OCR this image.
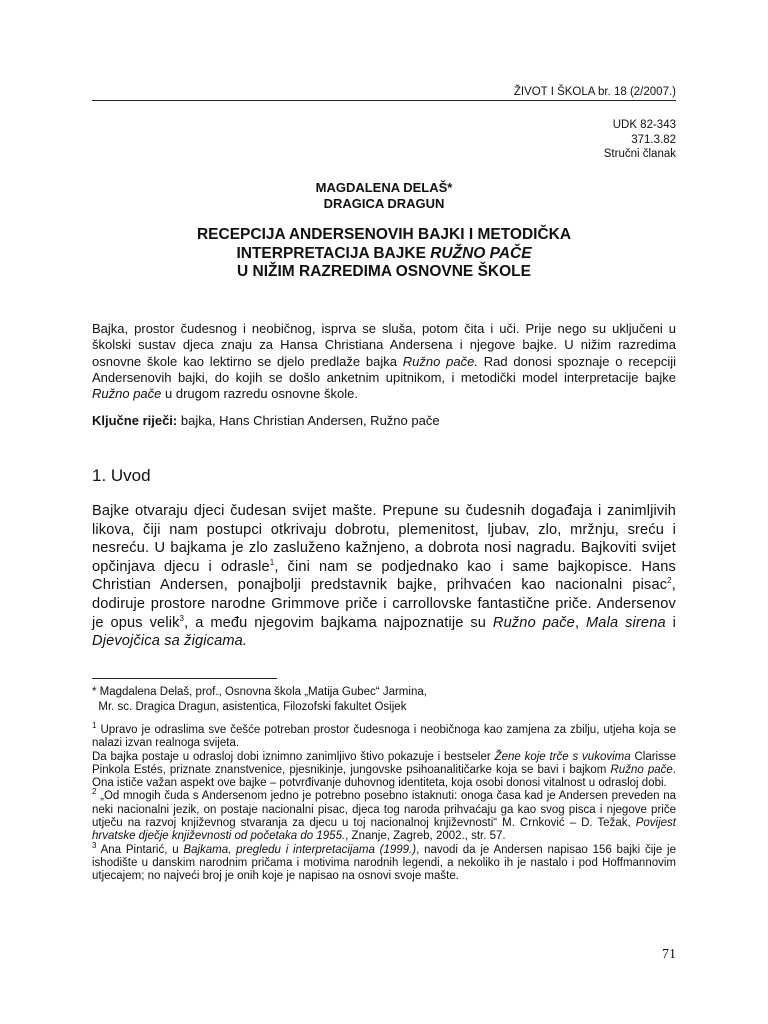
ŽIVOT I ŠKOLA br. 18 (2/2007.)
UDK 82-343
371.3.82
Stručni članak
MAGDALENA DELAŠ*
DRAGICA DRAGUN
RECEPCIJA ANDERSENOVIH BAJKI I METODIČKA
INTERPRETACIJA BAJKE RUŽNO PAČE
U NIŽIM RAZREDIMA OSNOVNE ŠKOLE
Bajka, prostor čudesnog i neobičnog, isprva se sluša, potom čita i uči. Prije nego su uključeni u školski sustav djeca znaju za Hansa Christiana Andersena i njegove bajke. U nižim razredima osnovne škole kao lektirno se djelo predlaže bajka Ružno pače. Rad donosi spoznaje o recepciji Andersenovih bajki, do kojih se došlo anketnim upitnikom, i metodički model interpretacije bajke Ružno pače u drugom razredu osnovne škole.
Ključne riječi: bajka, Hans Christian Andersen, Ružno pače
1. Uvod
Bajke otvaraju djeci čudesan svijet mašte. Prepune su čudesnih događaja i zanimljivih likova, čiji nam postupci otkrivaju dobrotu, plemenitost, ljubav, zlo, mržnju, sreću i nesreću. U bajkama je zlo zasluženo kažnjeno, a dobrota nosi nagradu. Bajkoviti svijet opčinjava djecu i odrasle$^1$, čini nam se podjednako kao i same bajkopisce. Hans Christian Andersen, ponajbolji predstavnik bajke, prihvaćen kao nacionalni pisac$^2$, dodiruje prostore narodne Grimmove priče i carrollovske fantastične priče. Andersenov je opus velik$^3$, a među njegovim bajkama najpoznatije su Ružno pače, Mala sirena i Djevojčica sa žigicama.
* Magdalena Delaš, prof., Osnovna škola „Matija Gubec“ Jarmina,
Mr. sc. Dragica Dragun, asistentica, Filozofski fakultet Osijek

$^1$ Upravo je odraslima sve češće potreban prostor čudesnoga i neobičnoga kao zamjena za zbilju, utjeha koja se nalazi izvan realnoga svijeta.

Da bajka postaje u odrasloj dobi iznimno zanimljivo štivo pokazuje i bestseler Žene koje trče s vukovima Clarisse Pinkola Estés, priznate znanstvenice, pjesnikinje, jungovske psihoanalitičarke koja se bavi i bajkom Ružno pače. Ona ističe važan aspekt ove bajke – potvrđivanje duhovnog identiteta, koja osobi donosi vitalnost u odrasloj dobi.

$^2$ „Od mnogih čuda s Andersenom jedno je potrebno posebno istaknuti: onoga časa kad je Andersen preveden na neki nacionalni jezik, on postaje nacionalni pisac, djeca tog naroda prihvaćaju ga kao svog pisca i njegove priče utječu na razvoj književnog stvaranja za djecu u toj nacionalnoj književnosti“ M. Crnković – D. Težak, Povijest hrvatske dječje književnosti od početaka do 1955., Znanje, Zagreb, 2002., str. 57.

$^3$ Ana Pintarić, u Bajkama, pregledu i interpretacijama (1999.), navodi da je Andersen napisao 156 bajki čije je ishodište u danskim narodnim pričama i motivima narodnih legendi, a nekoliko ih je nastalo i pod Hoffmannovim utjecajem; no najveći broj je onih koje je napisao na osnovi svoje mašte.

71
